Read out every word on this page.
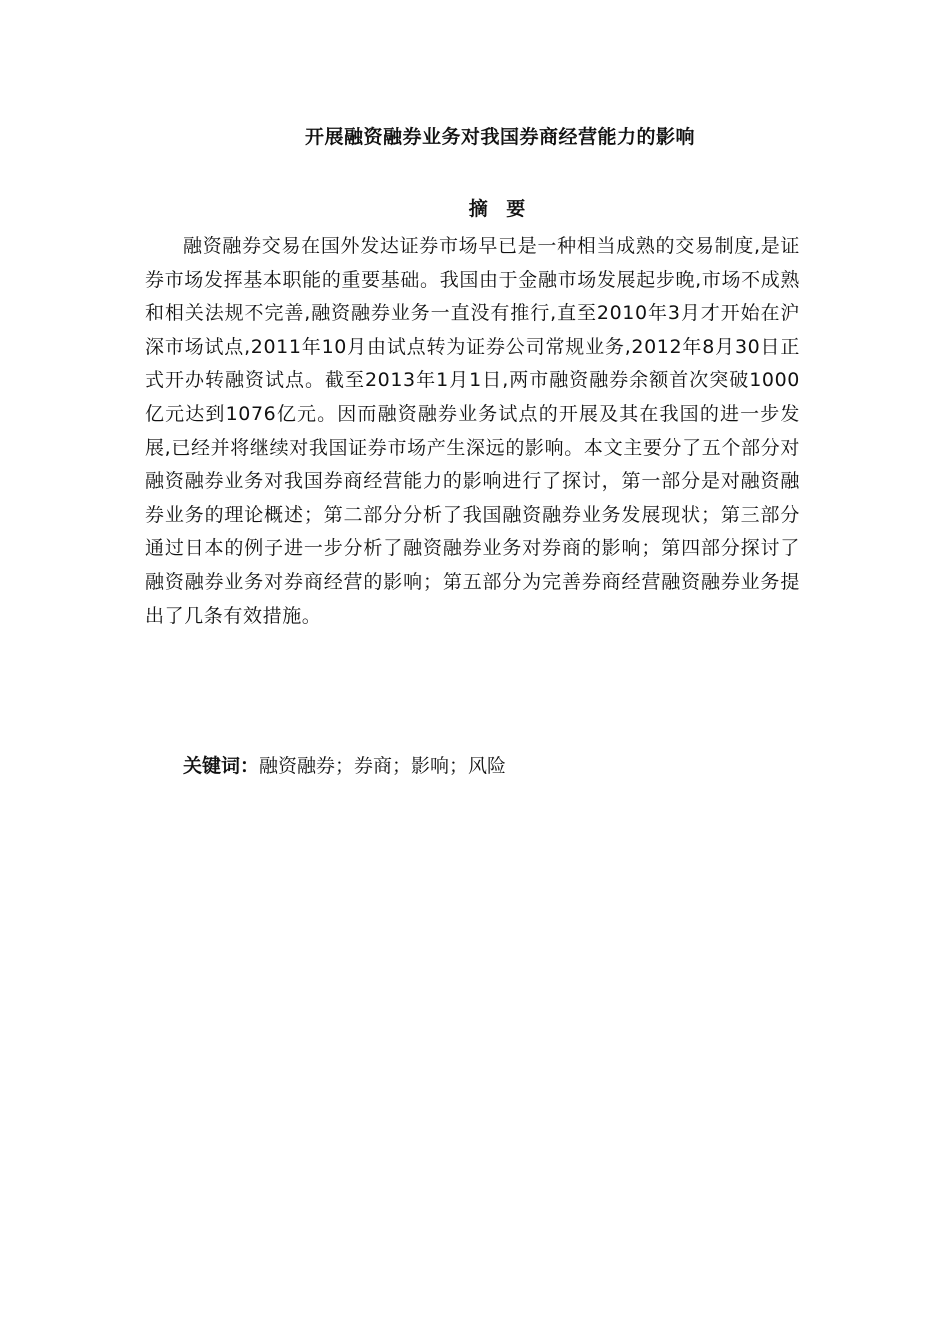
开展融资融券业务对我国券商经营能力的影响
摘 要

融资融券交易在国外发达证券市场早已是一种相当成熟的交易制度,是证券市场发挥基本职能的重要基础。我国由于金融市场发展起步晚,市场不成熟和相关法规不完善,融资融券业务一直没有推行,直至2010年3月才开始在沪深市场试点,2011年10月由试点转为证券公司常规业务,2012年8月30日正式开办转融资试点。截至2013年1月1日,两市融资融券余额首次突破1000亿元达到1076亿元。因而融资融券业务试点的开展及其在我国的进一步发展,已经并将继续对我国证券市场产生深远的影响。本文主要分了五个部分对融资融券业务对我国券商经营能力的影响进行了探讨，第一部分是对融资融券业务的理论概述；第二部分分析了我国融资融券业务发展现状；第三部分通过日本的例子进一步分析了融资融券业务对券商的影响；第四部分探讨了融资融券业务对券商经营的影响；第五部分为完善券商经营融资融券业务提出了几条有效措施。

关键词：融资融券；券商；影响；风险
